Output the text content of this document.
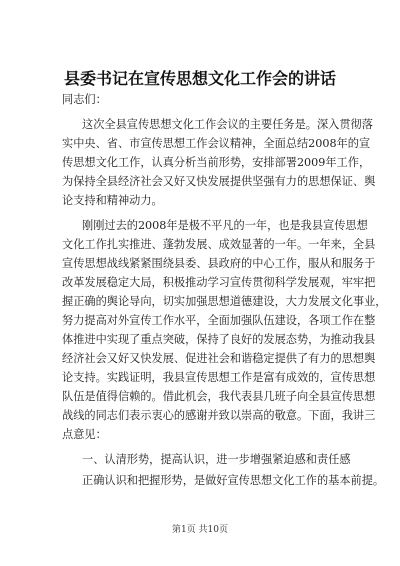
县委书记在宣传思想文化工作会的讲话
同志们：
这次全县宣传思想文化工作会议的主要任务是。深入贯彻落
实中央、省、市宣传思想工作会议精神，全面总结2008年的宣
传思想文化工作，认真分析当前形势，安排部署2009年工作，
为保持全县经济社会又好又快发展提供坚强有力的思想保证、舆
论支持和精神动力。
刚刚过去的2008年是极不平凡的一年，也是我县宣传思想
文化工作扎实推进、蓬勃发展、成效显著的一年。一年来，全县
宣传思想战线紧紧围绕县委、县政府的中心工作，服从和服务于
改革发展稳定大局，积极推动学习宣传贯彻科学发展观，牢牢把
握正确的舆论导向，切实加强思想道德建设，大力发展文化事业，
努力提高对外宣传工作水平，全面加强队伍建设，各项工作在整
体推进中实现了重点突破，保持了良好的发展态势，为推动我县
经济社会又好又快发展、促进社会和谐稳定提供了有力的思想舆
论支持。实践证明，我县宣传思想工作是富有成效的，宣传思想
队伍是值得信赖的。借此机会，我代表县几班子向全县宣传思想
战线的同志们表示衷心的感谢并致以崇高的敬意。下面，我讲三
点意见：
一、认清形势，提高认识，进一步增强紧迫感和责任感
正确认识和把握形势，是做好宣传思想文化工作的基本前提。
第1页 共10页
